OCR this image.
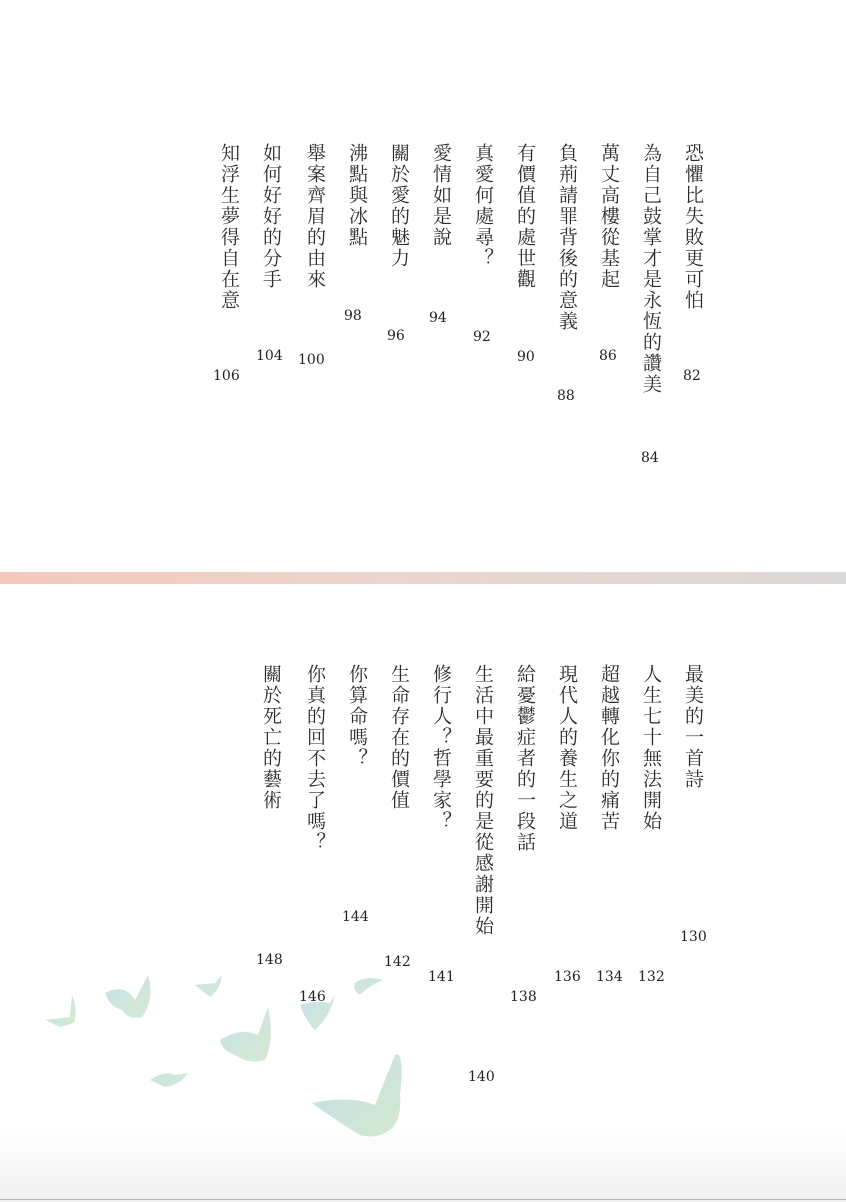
恐懼比失敗更可怕
82
為自己鼓掌才是永恆的讚美
84
萬丈高樓從基起
86
負荊請罪背後的意義
88
有價值的處世觀
90
真愛何處尋？
92
愛情如是說
94
關於愛的魅力
96
沸點與冰點
98
舉案齊眉的由來
100
如何好好的分手
104
知浮生夢得自在意
106
最美的一首詩
130
人生七十無法開始
132
超越轉化你的痛苦
134
現代人的養生之道
136
給憂鬱症者的一段話
138
生活中最重要的是從感謝開始
140
修行人？哲學家？
141
生命存在的價值
142
你算命嗎？
144
你真的回不去了嗎？
146
關於死亡的藝術
148
